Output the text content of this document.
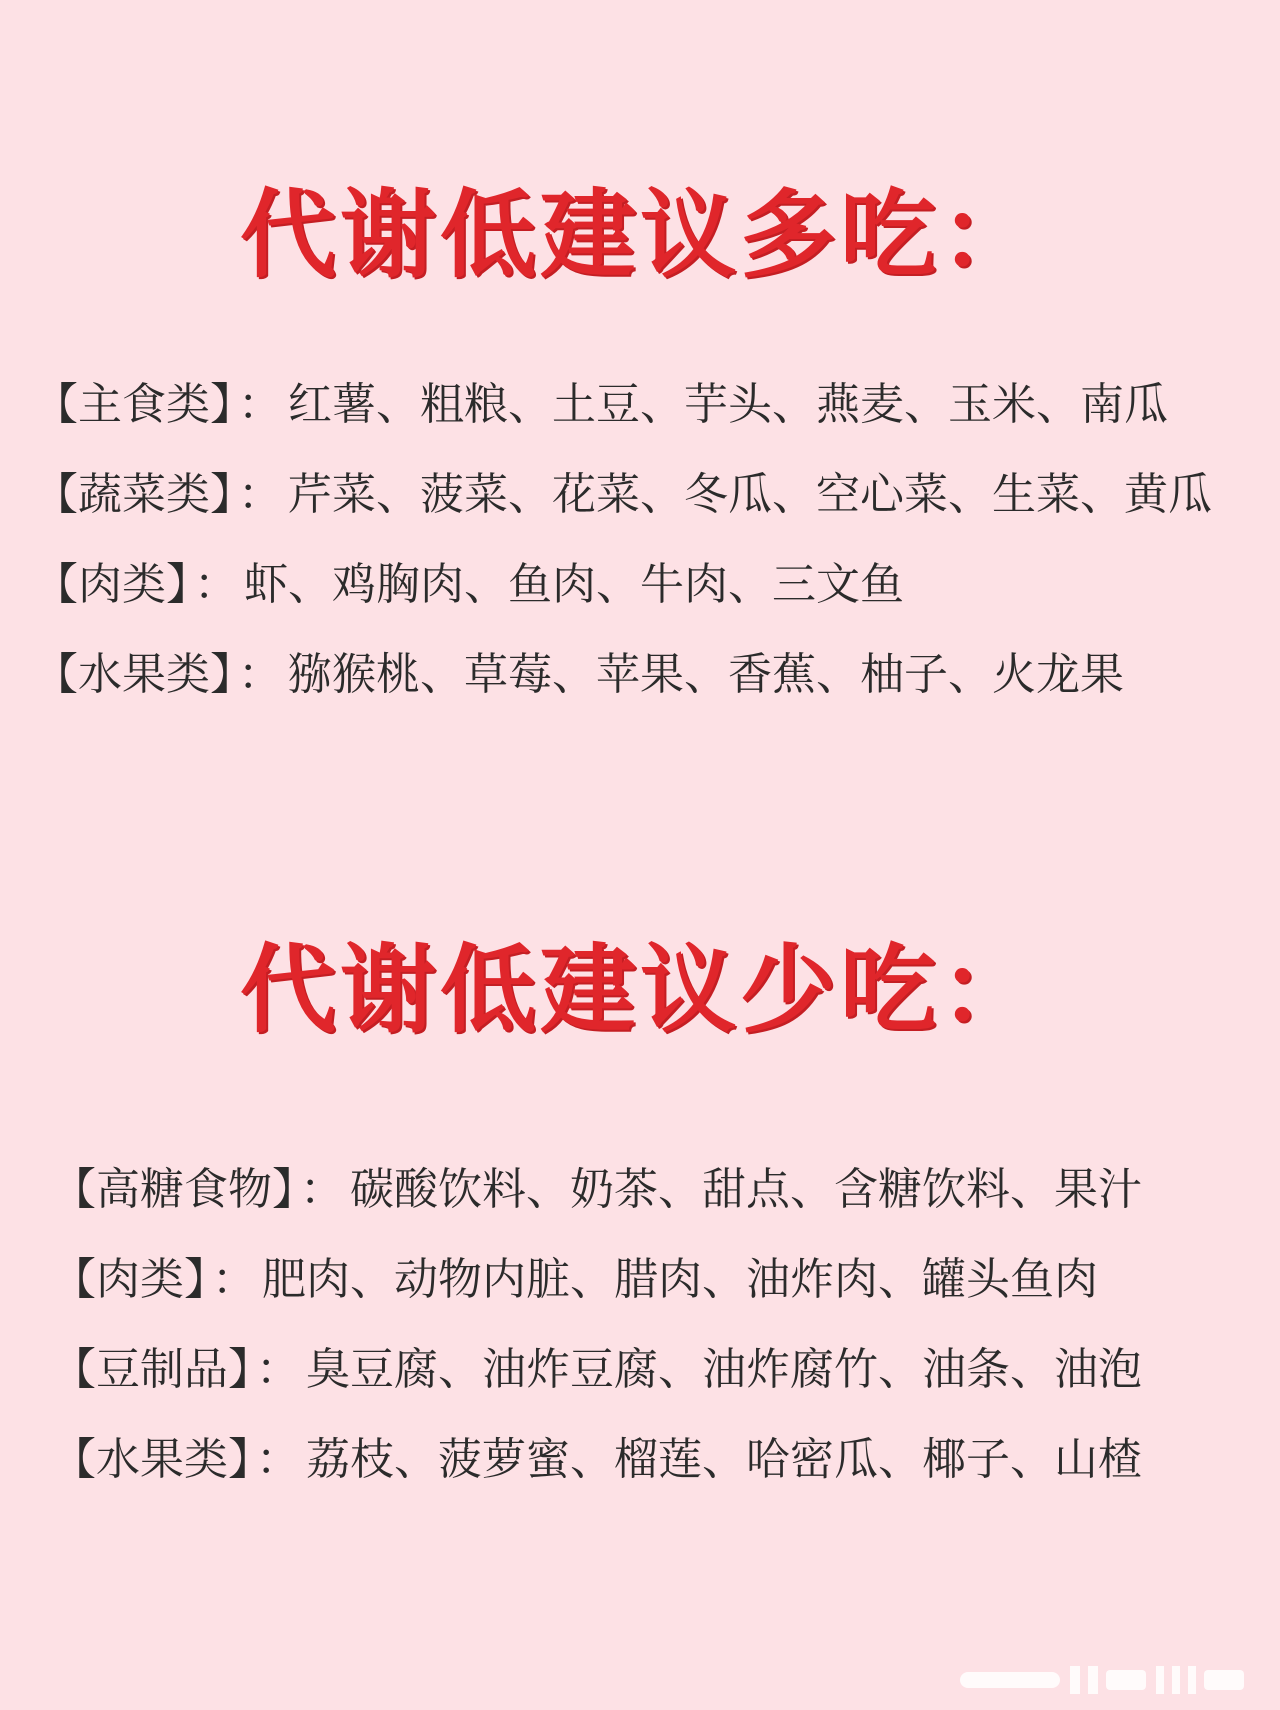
代谢低建议多吃：
【主食类】 ： 红薯、粗粮、土豆、芋头、燕麦、玉米、南瓜
【蔬菜类】 ： 芹菜、菠菜、花菜、冬瓜、空心菜、生菜、黄瓜
【肉类】 ： 虾、鸡胸肉、鱼肉、牛肉、三文鱼
【水果类】 ： 猕猴桃、草莓、苹果、香蕉、柚子、火龙果
代谢低建议少吃：
【高糖食物】 ： 碳酸饮料、奶茶、甜点、含糖饮料、果汁
【肉类】 ： 肥肉、动物内脏、腊肉、油炸肉、罐头鱼肉
【豆制品】 ： 臭豆腐、油炸豆腐、油炸腐竹、油条、油泡
【水果类】 ： 荔枝、菠萝蜜、榴莲、哈密瓜、椰子、山楂
